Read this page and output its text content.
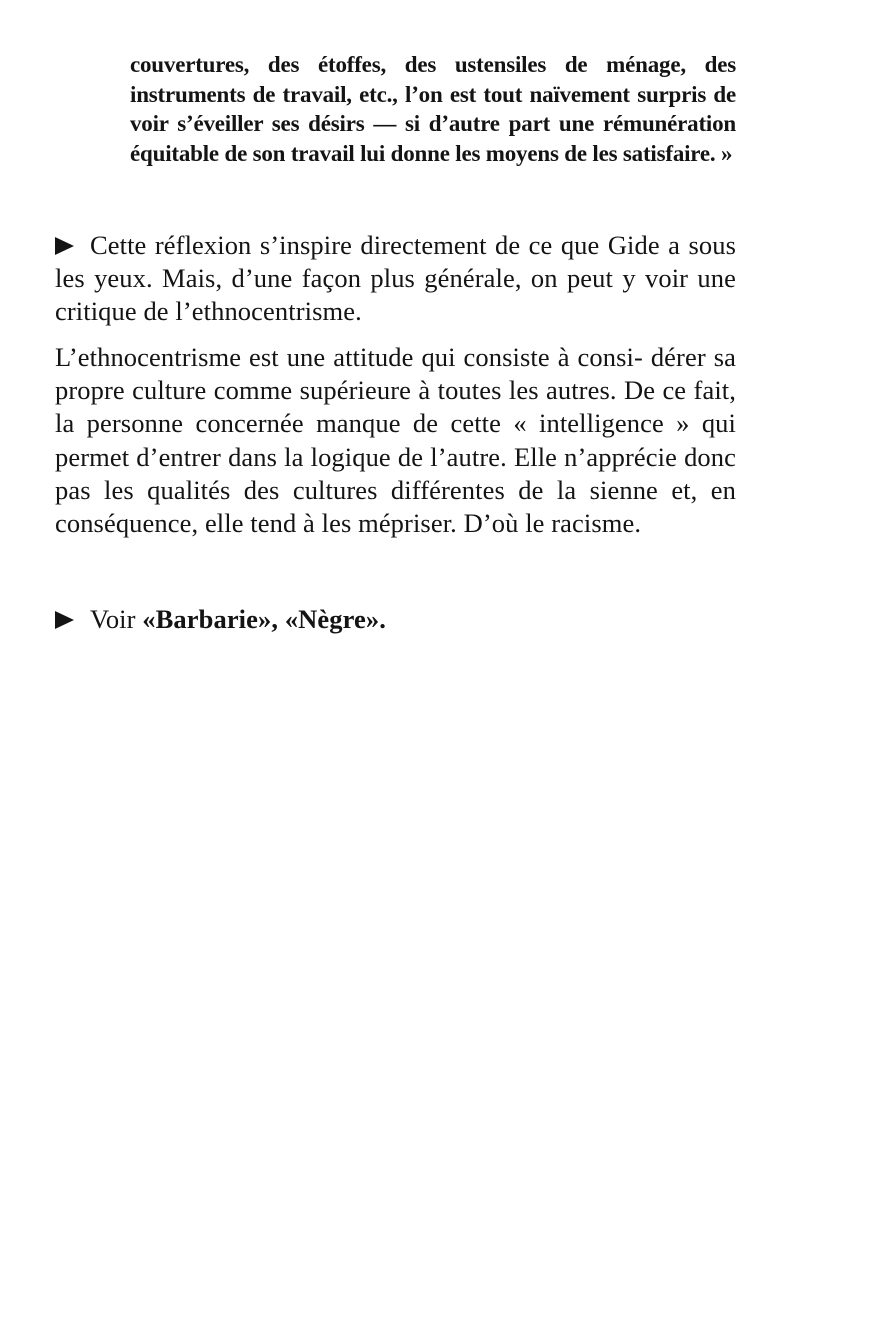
couvertures, des étoffes, des ustensiles de ménage, des instruments de travail, etc., l’on est tout naïvement surpris de voir s’éveiller ses désirs — si d’autre part une rémunération équitable de son travail lui donne les moyens de les satisfaire. »
Cette réflexion s’inspire directement de ce que Gide a sous les yeux. Mais, d’une façon plus générale, on peut y voir une critique de l’ethnocentrisme.
L’ethnocentrisme est une attitude qui consiste à consi- dérer sa propre culture comme supérieure à toutes les autres. De ce fait, la personne concernée manque de cette « intelligence » qui permet d’entrer dans la logique de l’autre. Elle n’apprécie donc pas les qualités des cultures différentes de la sienne et, en conséquence, elle tend à les mépriser. D’où le racisme.
Voir «Barbarie», «Nègre».
